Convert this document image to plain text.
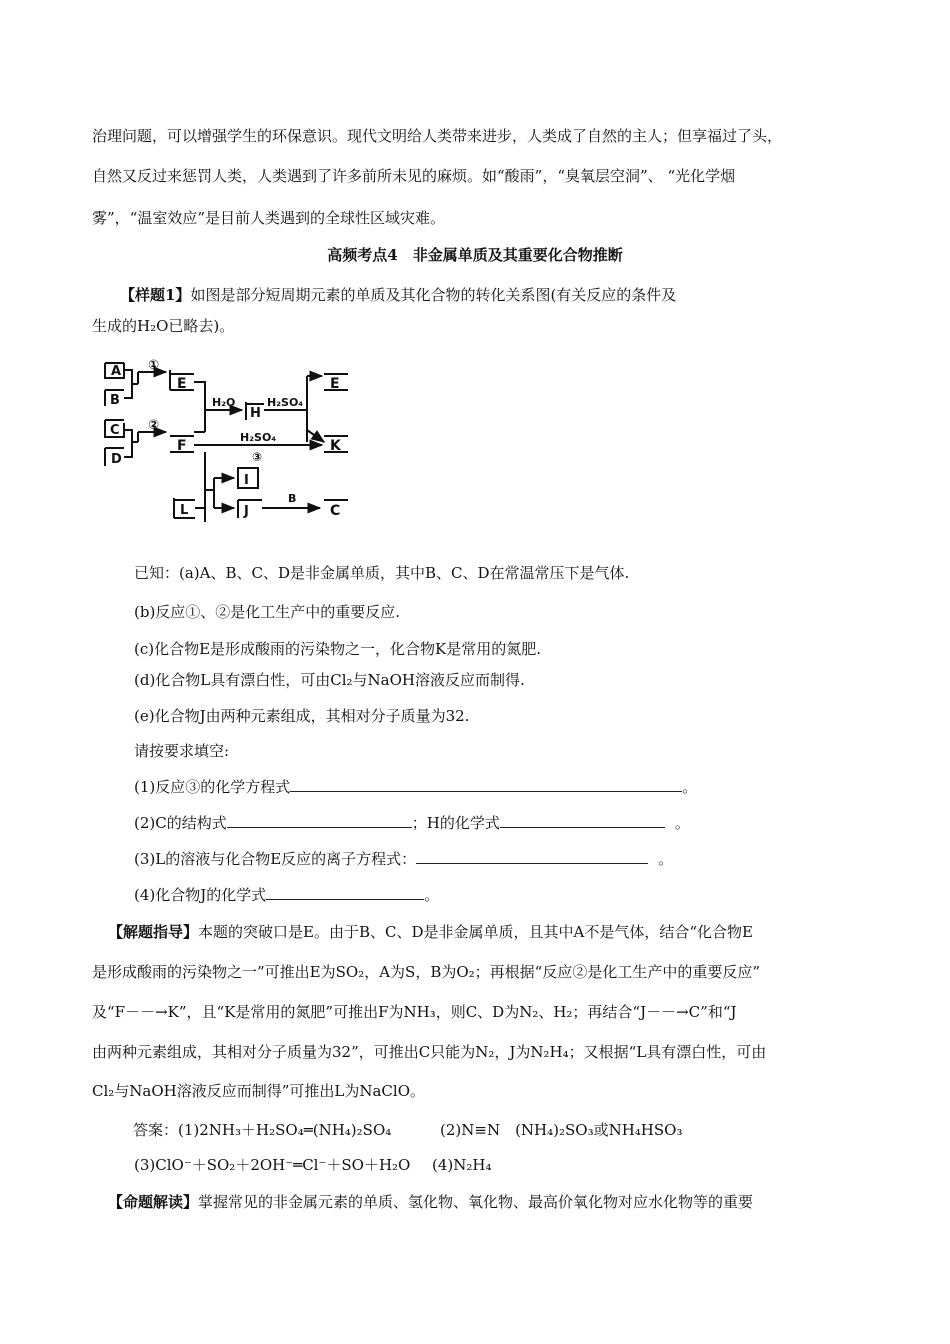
治理问题，可以增强学生的环保意识。现代文明给人类带来进步，人类成了自然的主人；但享福过了头，
自然又反过来惩罚人类，人类遇到了许多前所未见的麻烦。如“酸雨”，“臭氧层空洞”、 “光化学烟
雾”，“温室效应”是目前人类遇到的全球性区域灾难。
高频考点4　非金属单质及其重要化合物推断
【样题1】如图是部分短周期元素的单质及其化合物的转化关系图(有关反应的条件及
生成的H₂O已略去)。
A
B
C
D
①
②
E
F
H₂O
H
H₂SO₄
E
H₂SO₄
③
K
I
L	J
B
C
已知：(a)A、B、C、D是非金属单质，其中B、C、D在常温常压下是气体.
(b)反应①、②是化工生产中的重要反应.
(c)化合物E是形成酸雨的污染物之一，化合物K是常用的氮肥.
(d)化合物L具有漂白性，可由Cl₂与NaOH溶液反应而制得.
(e)化合物J由两种元素组成，其相对分子质量为32.
请按要求填空:
(1)反应③的化学方程式	。
(2)C的结构式	；H的化学式	。
(3)L的溶液与化合物E反应的离子方程式：	。
(4)化合物J的化学式	。
【解题指导】本题的突破口是E。由于B、C、D是非金属单质，且其中A不是气体，结合“化合物E
是形成酸雨的污染物之一”可推出E为SO₂，A为S，B为O₂；再根据“反应②是化工生产中的重要反应”
及“F－－→K”，且“K是常用的氮肥”可推出F为NH₃，则C、D为N₂、H₂；再结合“J－－→C”和“J
由两种元素组成，其相对分子质量为32”，可推出C只能为N₂，J为N₂H₄；又根据“L具有漂白性，可由
Cl₂与NaOH溶液反应而制得”可推出L为NaClO。
答案：(1)2NH₃＋H₂SO₄═(NH₄)₂SO₄	(2)N≡N　(NH₄)₂SO₃或NH₄HSO₃
(3)ClO⁻＋SO₂＋2OH⁻═Cl⁻＋SO＋H₂O (4)N₂H₄
【命题解读】掌握常见的非金属元素的单质、氢化物、氧化物、最高价氧化物对应水化物等的重要
